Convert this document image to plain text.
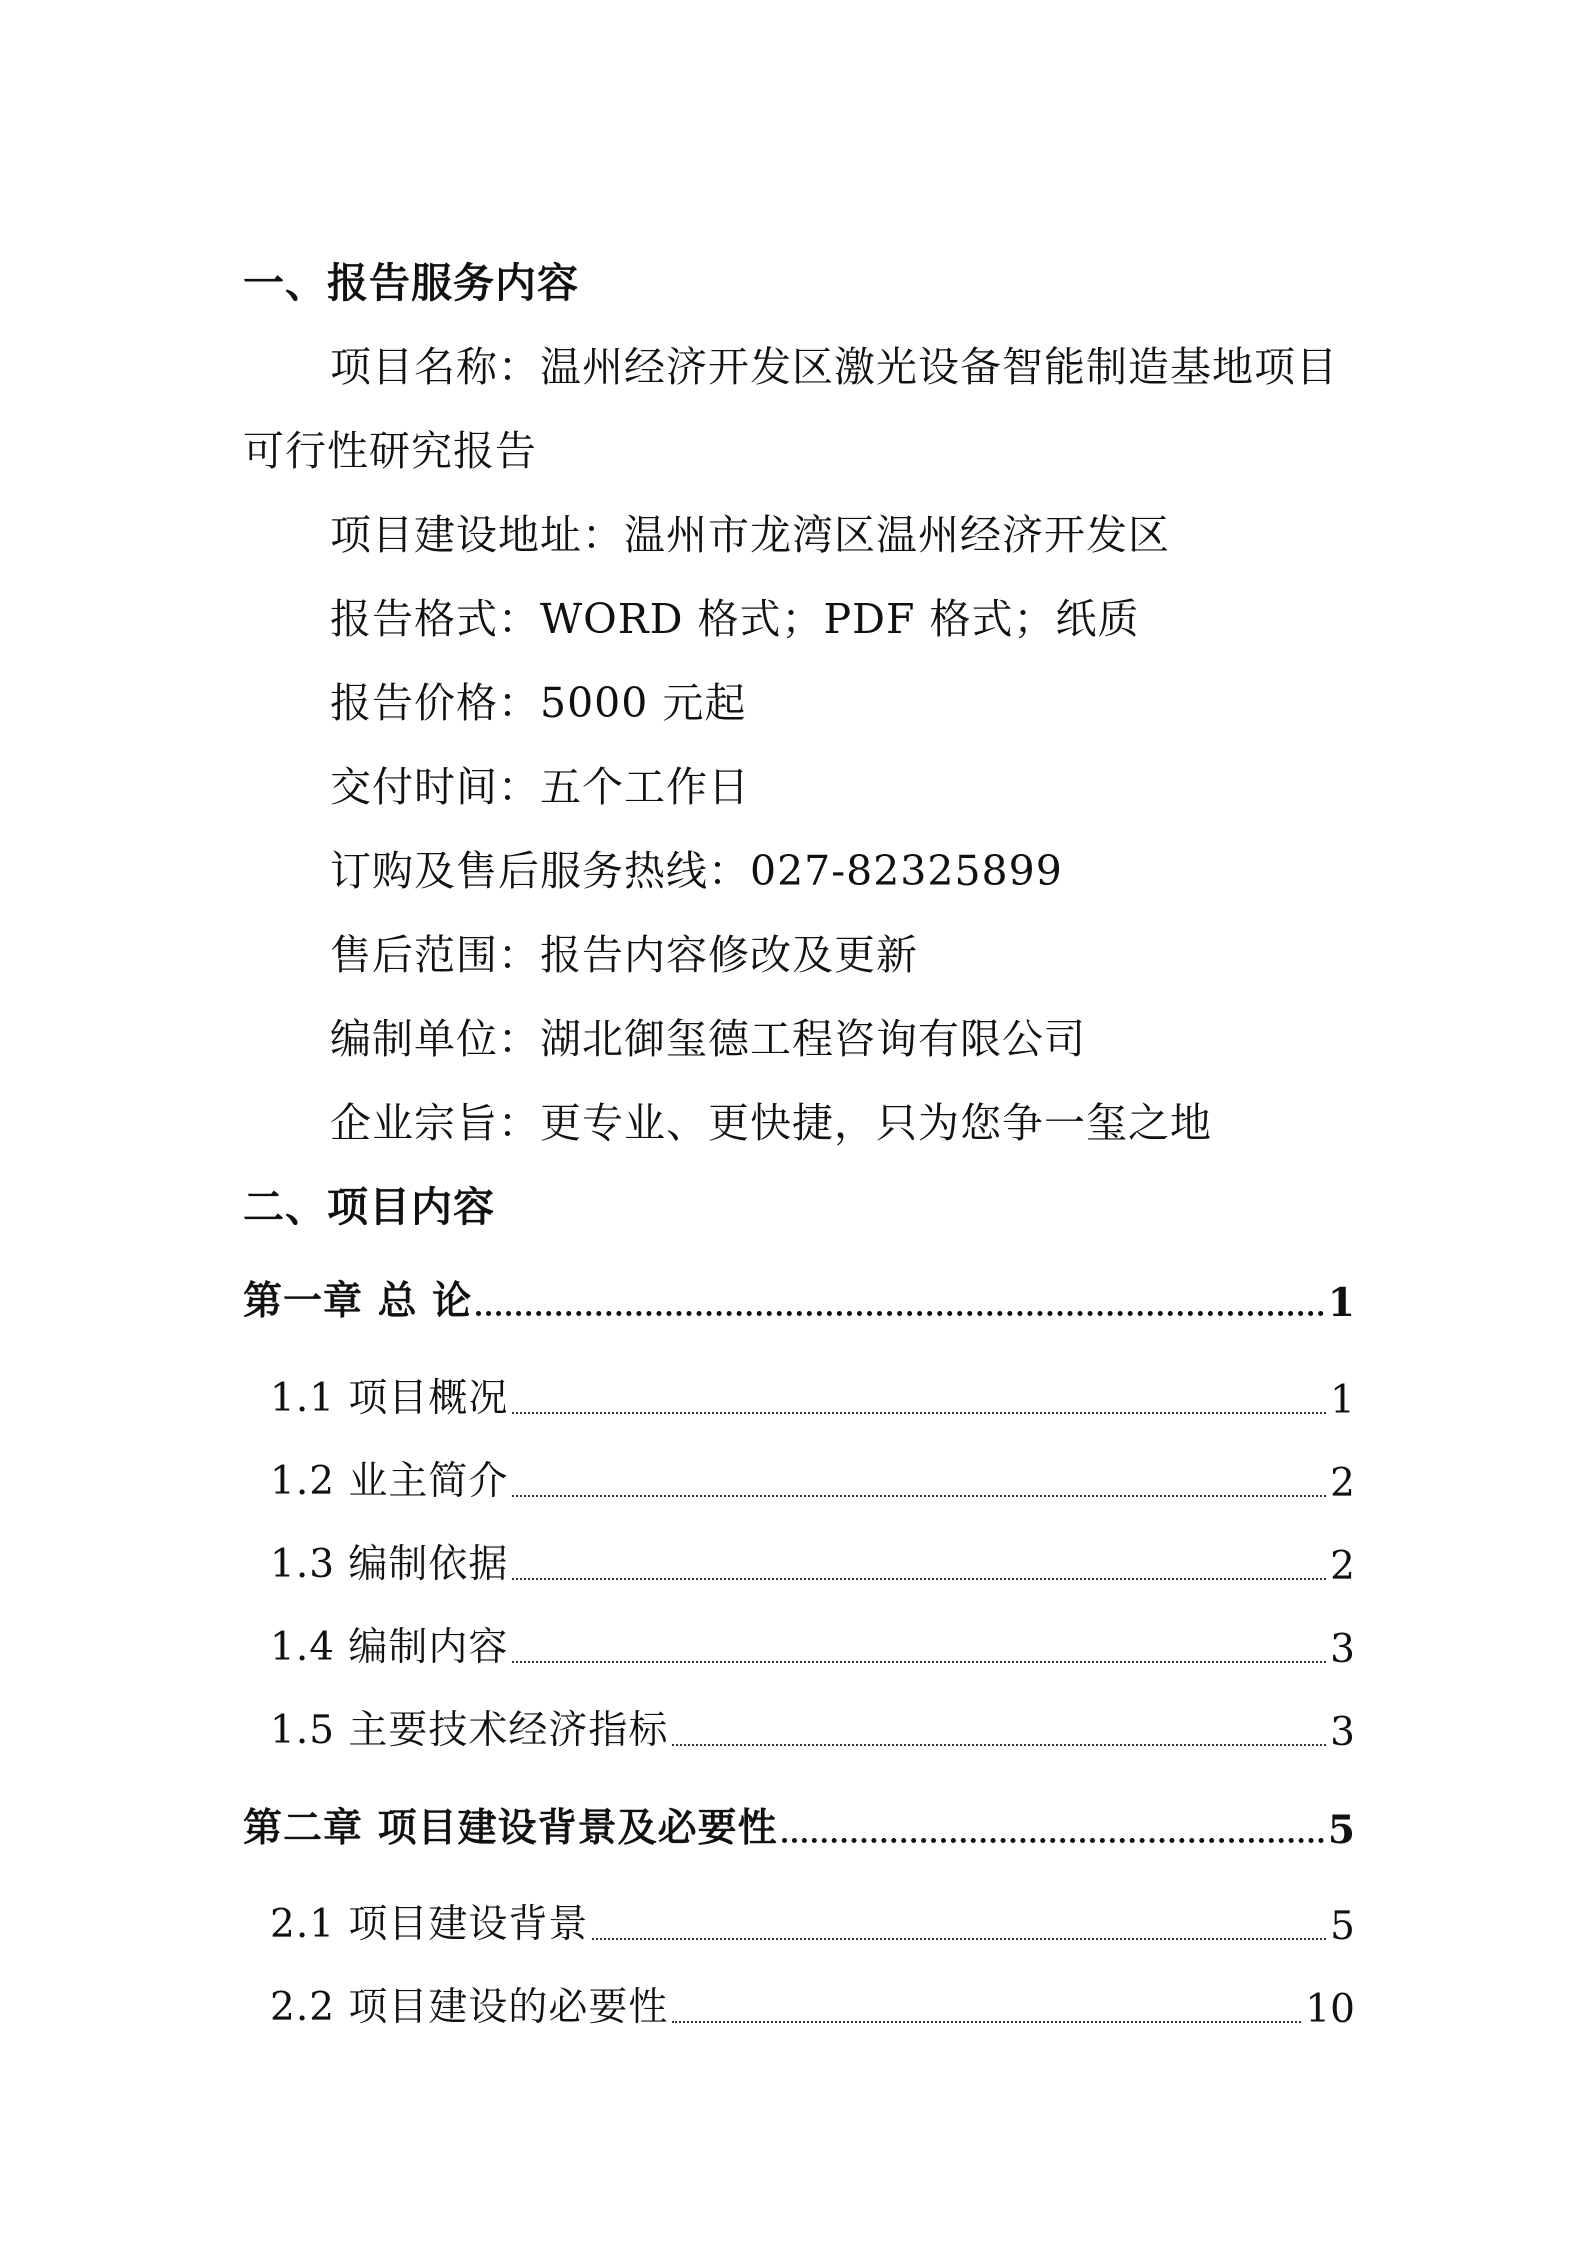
一、报告服务内容
项目名称：温州经济开发区激光设备智能制造基地项目
可行性研究报告
项目建设地址：温州市龙湾区温州经济开发区
报告格式：WORD 格式；PDF 格式；纸质
报告价格：5000 元起
交付时间：五个工作日
订购及售后服务热线：027-82325899
售后范围：报告内容修改及更新
编制单位：湖北御玺德工程咨询有限公司
企业宗旨：更专业、更快捷，只为您争一玺之地
二、项目内容
第一章 总 论	1
1.1 项目概况	1
1.2 业主简介	2
1.3 编制依据	2
1.4 编制内容	3
1.5 主要技术经济指标	3
第二章 项目建设背景及必要性	5
2.1 项目建设背景	5
2.2 项目建设的必要性	10
